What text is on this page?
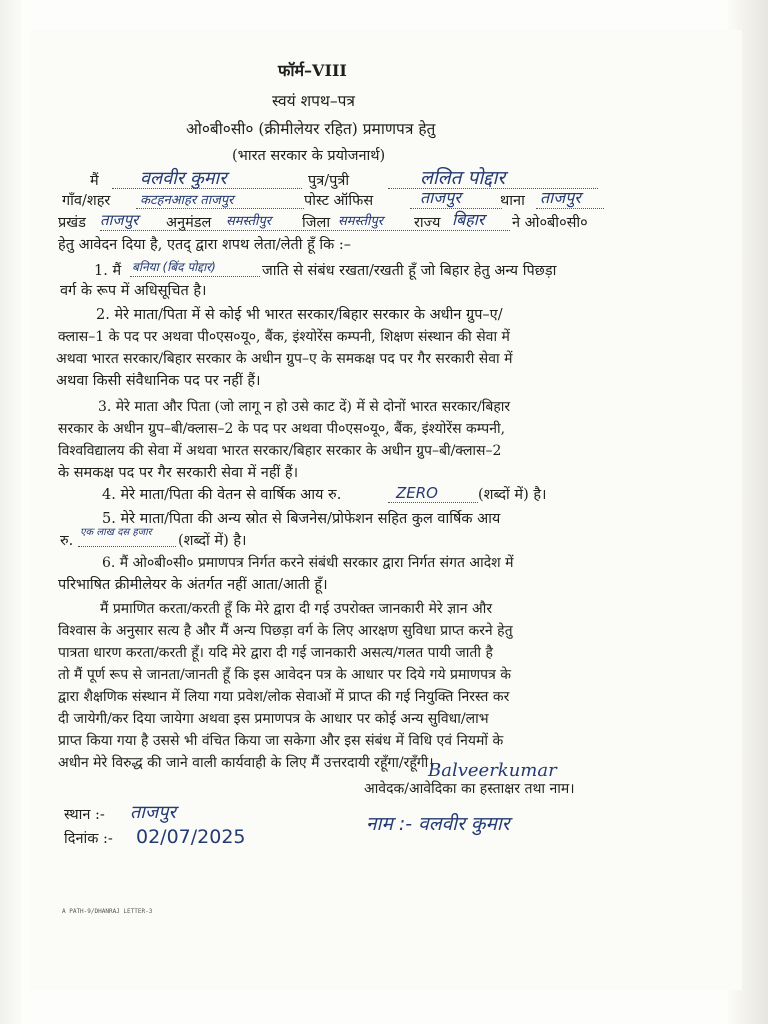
फॉर्म–VIII
स्वयं शपथ–पत्र
ओ०बी०सी० (क्रीमीलेयर रहित) प्रमाणपत्र हेतु
(भारत सरकार के प्रयोजनार्थ)
मैं वलवीर कुमार	पुत्र/पुत्री	ललित पोद्दार
गाँव/शहर कटहनआहर ताजपुर	पोस्ट ऑफिस	ताजपुर	थाना ताजपुर
प्रखंड ताजपुर अनुमंडल समस्तीपुर जिला समस्तीपुर राज्य बिहार ने ओ०बी०सी०
हेतु आवेदन दिया है, एतद् द्वारा शपथ लेता/लेती हूँ कि :–
1. मैं बनिया (बिंद पोद्दार)	जाति से संबंध रखता/रखती हूँ जो बिहार हेतु अन्य पिछड़ा
वर्ग के रूप में अधिसूचित है।
2. मेरे माता/पिता में से कोई भी भारत सरकार/बिहार सरकार के अधीन ग्रुप–ए/
क्लास–1 के पद पर अथवा पी०एस०यू०, बैंक, इंश्योरेंस कम्पनी, शिक्षण संस्थान की सेवा में
अथवा भारत सरकार/बिहार सरकार के अधीन ग्रुप–ए के समकक्ष पद पर गैर सरकारी सेवा में
अथवा किसी संवैधानिक पद पर नहीं हैं।
3. मेरे माता और पिता (जो लागू न हो उसे काट दें) में से दोनों भारत सरकार/बिहार
सरकार के अधीन ग्रुप–बी/क्लास–2 के पद पर अथवा पी०एस०यू०, बैंक, इंश्योरेंस कम्पनी,
विश्वविद्यालय की सेवा में अथवा भारत सरकार/बिहार सरकार के अधीन ग्रुप–बी/क्लास–2
के समकक्ष पद पर गैर सरकारी सेवा में नहीं हैं।
4. मेरे माता/पिता की वेतन से वार्षिक आय रु.	ZERO	(शब्दों में) है।
5. मेरे माता/पिता की अन्य स्रोत से बिजनेस/प्रोफेशन सहित कुल वार्षिक आय
रु.
एक लाख दस हजार
(शब्दों में) है।
6. मैं ओ०बी०सी० प्रमाणपत्र निर्गत करने संबंधी सरकार द्वारा निर्गत संगत आदेश में
परिभाषित क्रीमीलेयर के अंतर्गत नहीं आता/आती हूँ।
मैं प्रमाणित करता/करती हूँ कि मेरे द्वारा दी गई उपरोक्त जानकारी मेरे ज्ञान और
विश्वास के अनुसार सत्य है और मैं अन्य पिछड़ा वर्ग के लिए आरक्षण सुविधा प्राप्त करने हेतु
पात्रता धारण करता/करती हूँ। यदि मेरे द्वारा दी गई जानकारी असत्य/गलत पायी जाती है
तो मैं पूर्ण रूप से जानता/जानती हूँ कि इस आवेदन पत्र के आधार पर दिये गये प्रमाणपत्र के
द्वारा शैक्षणिक संस्थान में लिया गया प्रवेश/लोक सेवाओं में प्राप्त की गई नियुक्ति निरस्त कर
दी जायेगी/कर दिया जायेगा अथवा इस प्रमाणपत्र के आधार पर कोई अन्य सुविधा/लाभ
प्राप्त किया गया है उससे भी वंचित किया जा सकेगा और इस संबंध में विधि एवं नियमों के
अधीन मेरे विरुद्ध की जाने वाली कार्यवाही के लिए मैं उत्तरदायी रहूँगा/रहूँगी।
Balveerkumar
आवेदक/आवेदिका का हस्ताक्षर तथा नाम।
नाम :- वलवीर कुमार
स्थान :- ताजपुर
दिनांक :- 02/07/2025
A PATH-9/DHANRAJ LETTER-3
